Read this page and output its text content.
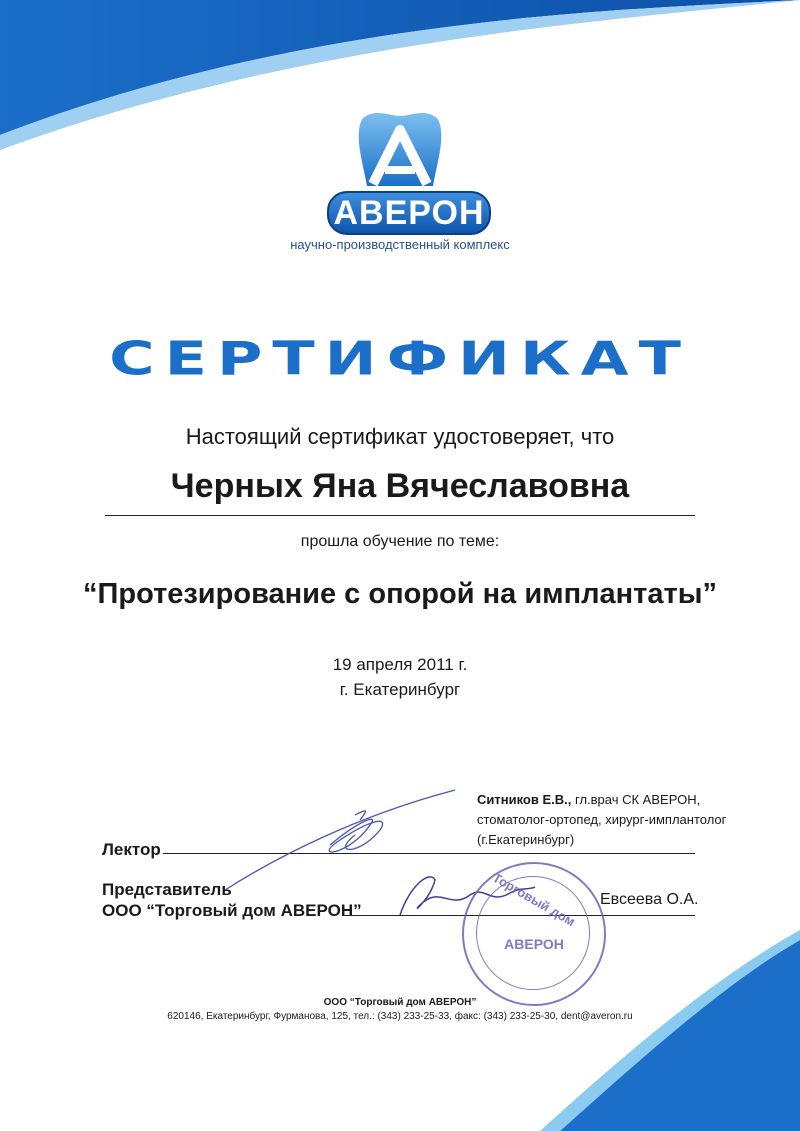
АВЕРОН
научно-производственный комплекс
СЕРТИФИКАТ
Настоящий сертификат удостоверяет, что
Черных Яна Вячеславовна
прошла обучение по теме:
“Протезирование с опорой на имплантаты”
19 апреля 2011 г.
г. Екатеринбург
Ситников Е.В., гл.врач СК АВЕРОН,
стоматолог-ортопед, хирург-имплантолог
(г.Екатеринбург)
Лектор
Представитель
ООО “Торговый дом АВЕРОН”
Евсеева О.А.
Торговый дом
АВЕРОН
ООО “Торговый дом АВЕРОН”
620146, Екатеринбург, Фурманова, 125, тел.: (343) 233-25-33, факс: (343) 233-25-30, dent@averon.ru
